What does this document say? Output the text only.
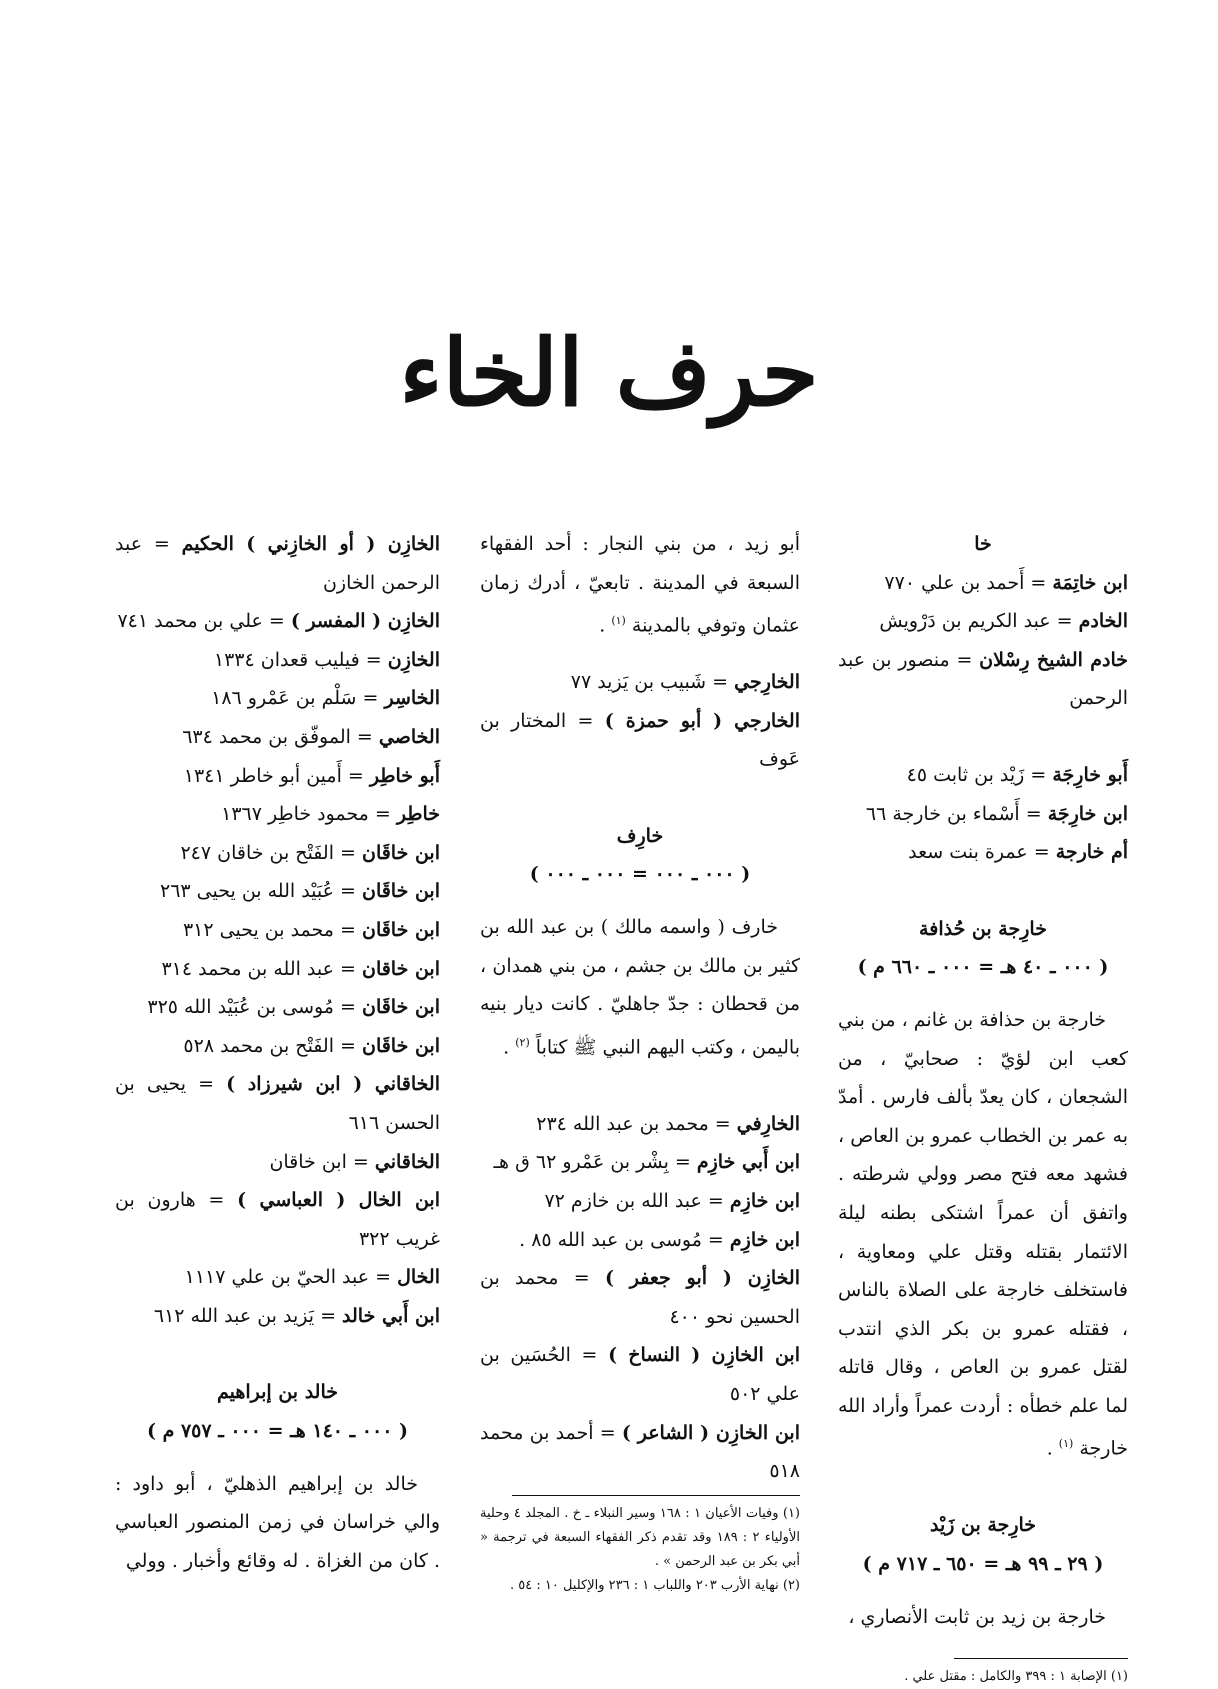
حرف الخاء

خا

ابن خاتِمَة = أَحمد بن علي ٧٧٠

الخادم = عبد الكريم بن دَرْويش

خادم الشيخ رِسْلان = منصور بن عبد الرحمن

أَبو خارِجَة = زَيْد بن ثابت ٤٥

ابن خارِجَة = أَسْماء بن خارجة ٦٦

أم خارجة = عمرة بنت سعد

خارِجة بن حُذافة

( ٠٠٠ ـ ٤٠ هـ = ٠٠٠ ـ ٦٦٠ م )

خارجة بن حذافة بن غانم ، من بني كعب ابن لؤيّ : صحابيّ ، من الشجعان ، كان يعدّ بألف فارس . أمدّ به عمر بن الخطاب عمرو بن العاص ، فشهد معه فتح مصر وولي شرطته . واتفق أن عمراً اشتكى بطنه ليلة الائتمار بقتله وقتل علي ومعاوية ، فاستخلف خارجة على الصلاة بالناس ، فقتله عمرو بن بكر الذي انتدب لقتل عمرو بن العاص ، وقال قاتله لما علم خطأه : أردت عمراً وأراد الله خارجة $^{(١)}$ .

خارِجة بن زَيْد

( ٢٩ ـ ٩٩ هـ = ٦٥٠ ـ ٧١٧ م )

خارجة بن زيد بن ثابت الأنصاري ،

(١) الإصابة ١ : ٣٩٩ والكامل : مقتل علي .

أبو زيد ، من بني النجار : أحد الفقهاء السبعة في المدينة . تابعيّ ، أدرك زمان عثمان وتوفي بالمدينة $^{(١)}$ .

الخارِجي = شَبيب بن يَزيد ٧٧

الخارجي ( أبو حمزة ) = المختار بن عَوف

خارِف

( ٠٠٠ ـ ٠٠٠ = ٠٠٠ ـ ٠٠٠ )

خارف ( واسمه مالك ) بن عبد الله بن كثير بن مالك بن جشم ، من بني همدان ، من قحطان : جدّ جاهليّ . كانت ديار بنيه باليمن ، وكتب اليهم النبي ﷺ كتاباً $^{(٢)}$ .

الخارِفي = محمد بن عبد الله ٢٣٤

ابن أَبي خازِم = بِشْر بن عَمْرو ٦٢ ق هـ

ابن خازِم = عبد الله بن خازم ٧٢

ابن خازِم = مُوسى بن عبد الله ٨٥ .

الخازِن ( أبو جعفر ) = محمد بن الحسين نحو ٤٠٠

ابن الخازِن ( النساخ ) = الحُسَين بن علي ٥٠٢

ابن الخازِن ( الشاعر ) = أحمد بن محمد ٥١٨

(١) وفيات الأعيان ١ : ١٦٨ وسير النبلاء ـ خ . المجلد ٤ وحلية الأولياء ٢ : ١٨٩ وقد تقدم ذكر الفقهاء السبعة في ترجمة « أبي بكر بن عبد الرحمن » .

(٢) نهاية الأرب ٢٠٣ واللباب ١ : ٢٣٦ والإكليل ١٠ : ٥٤ .

الخازِن ( أو الخازِني ) الحكيم = عبد الرحمن الخازن

الخازِن ( المفسر ) = علي بن محمد ٧٤١

الخازِن = فيليب قعدان ١٣٣٤

الخاسِر = سَلْم بن عَمْرو ١٨٦

الخاصي = الموفّق بن محمد ٦٣٤

أَبو خاطِر = أَمين أبو خاطر ١٣٤١

خاطِر = محمود خاطِر ١٣٦٧

ابن خاقَان = الفَتْح بن خاقان ٢٤٧

ابن خاقَان = عُبَيْد الله بن يحيى ٢٦٣

ابن خاقَان = محمد بن يحيى ٣١٢

ابن خاقان = عبد الله بن محمد ٣١٤

ابن خاقَان = مُوسى بن عُبَيْد الله ٣٢٥

ابن خاقَان = الفَتْح بن محمد ٥٢٨

الخاقاني ( ابن شيرزاد ) = يحيى بن الحسن ٦١٦

الخاقاني = ابن خاقان

ابن الخال ( العباسي ) = هارون بن غريب ٣٢٢

الخال = عبد الحيّ بن علي ١١١٧

ابن أَبي خالد = يَزيد بن عبد الله ٦١٢

خالد بن إبراهيم

( ٠٠٠ ـ ١٤٠ هـ = ٠٠٠ ـ ٧٥٧ م )

خالد بن إبراهيم الذهليّ ، أبو داود : والي خراسان في زمن المنصور العباسي . كان من الغزاة . له وقائع وأخبار . وولي
